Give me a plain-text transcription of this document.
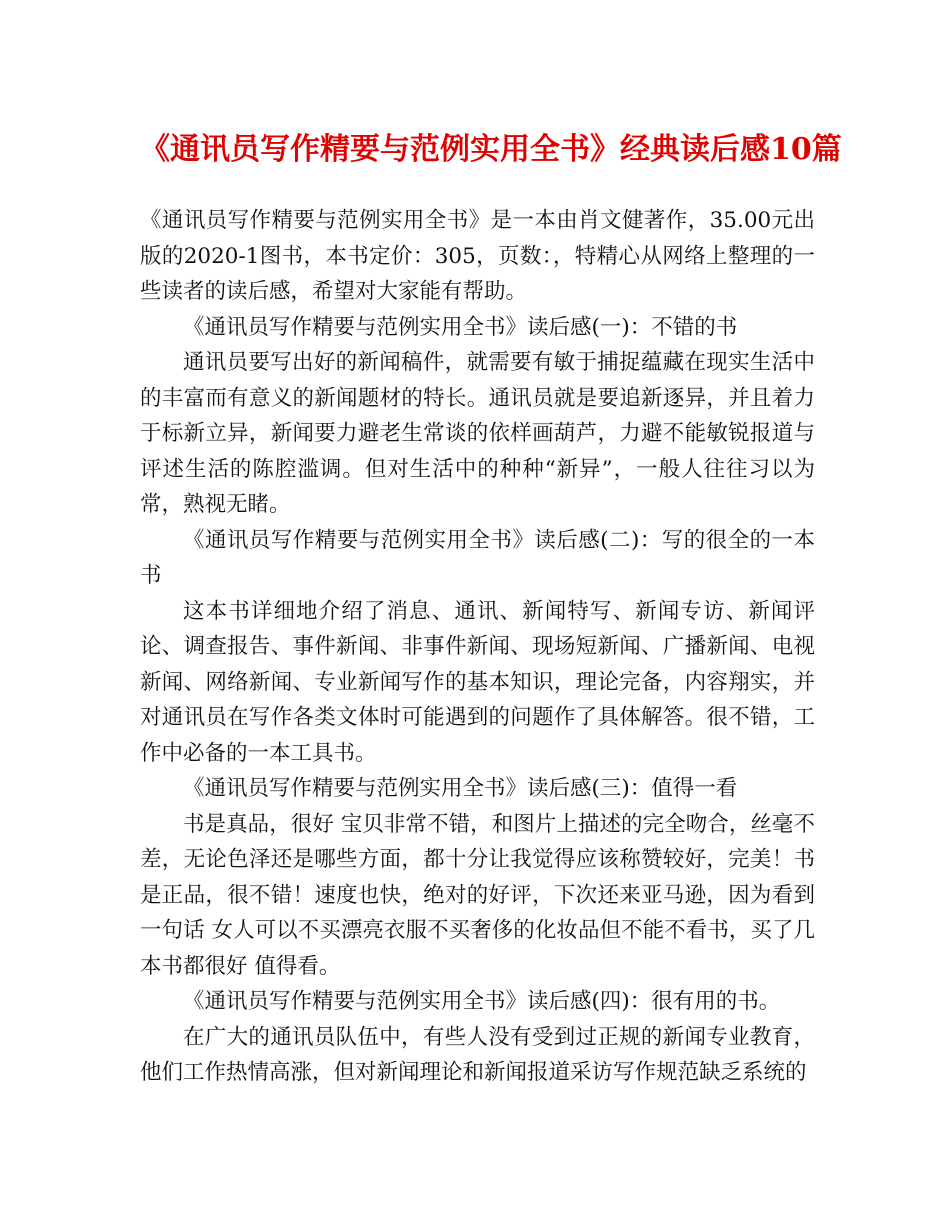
《通讯员写作精要与范例实用全书》经典读后感10篇

《通讯员写作精要与范例实用全书》是一本由肖文健著作，35.00元出版的2020-1图书，本书定价：305，页数：，特精心从网络上整理的一些读者的读后感，希望对大家能有帮助。

《通讯员写作精要与范例实用全书》读后感(一)：不错的书

通讯员要写出好的新闻稿件，就需要有敏于捕捉蕴藏在现实生活中的丰富而有意义的新闻题材的特长。通讯员就是要追新逐异，并且着力于标新立异，新闻要力避老生常谈的依样画葫芦，力避不能敏锐报道与评述生活的陈腔滥调。但对生活中的种种“新异”，一般人往往习以为常，熟视无睹。

《通讯员写作精要与范例实用全书》读后感(二)：写的很全的一本书

这本书详细地介绍了消息、通讯、新闻特写、新闻专访、新闻评论、调查报告、事件新闻、非事件新闻、现场短新闻、广播新闻、电视新闻、网络新闻、专业新闻写作的基本知识，理论完备，内容翔实，并对通讯员在写作各类文体时可能遇到的问题作了具体解答。很不错，工作中必备的一本工具书。

《通讯员写作精要与范例实用全书》读后感(三)：值得一看

书是真品，很好 宝贝非常不错，和图片上描述的完全吻合，丝毫不差，无论色泽还是哪些方面，都十分让我觉得应该称赞较好，完美！书是正品，很不错！速度也快，绝对的好评，下次还来亚马逊，因为看到一句话 女人可以不买漂亮衣服不买奢侈的化妆品但不能不看书，买了几本书都很好 值得看。

《通讯员写作精要与范例实用全书》读后感(四)：很有用的书。

在广大的通讯员队伍中，有些人没有受到过正规的新闻专业教育，他们工作热情高涨，但对新闻理论和新闻报道采访写作规范缺乏系统的
